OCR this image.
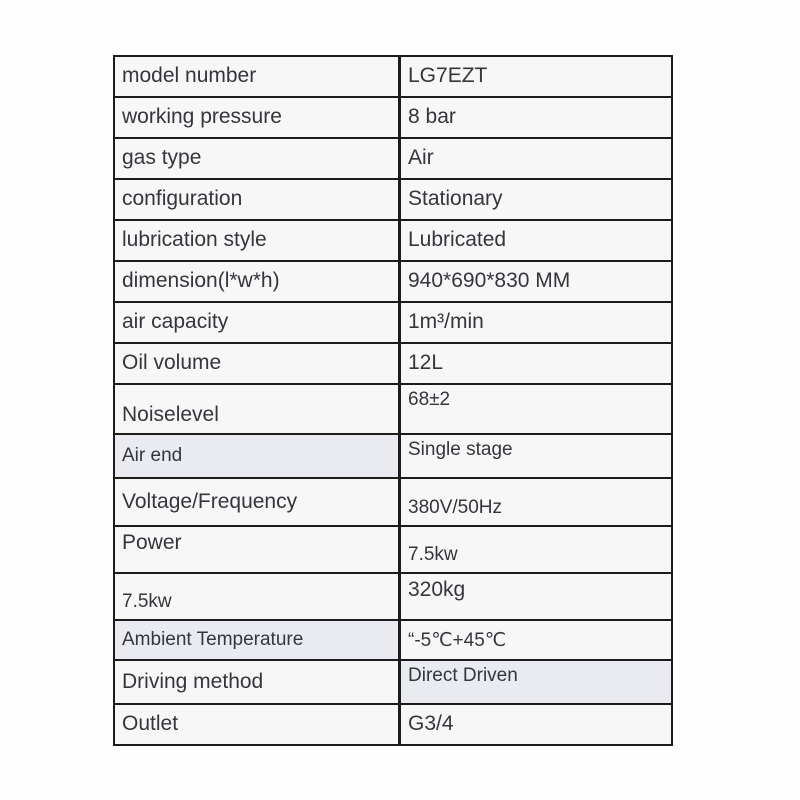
model number	LG7EZT
working pressure	8 bar
gas type	Air
configuration	Stationary
lubrication style	Lubricated
dimension(l*w*h)	940*690*830 MM
air capacity	1m³/min
Oil volume	12L
Noiselevel	68±2
Air end	Single stage
Voltage/Frequency	380V/50Hz
Power	7.5kw
7.5kw	320kg
Ambient Temperature	“-5℃+45℃
Driving method	Direct Driven
Outlet	G3/4
